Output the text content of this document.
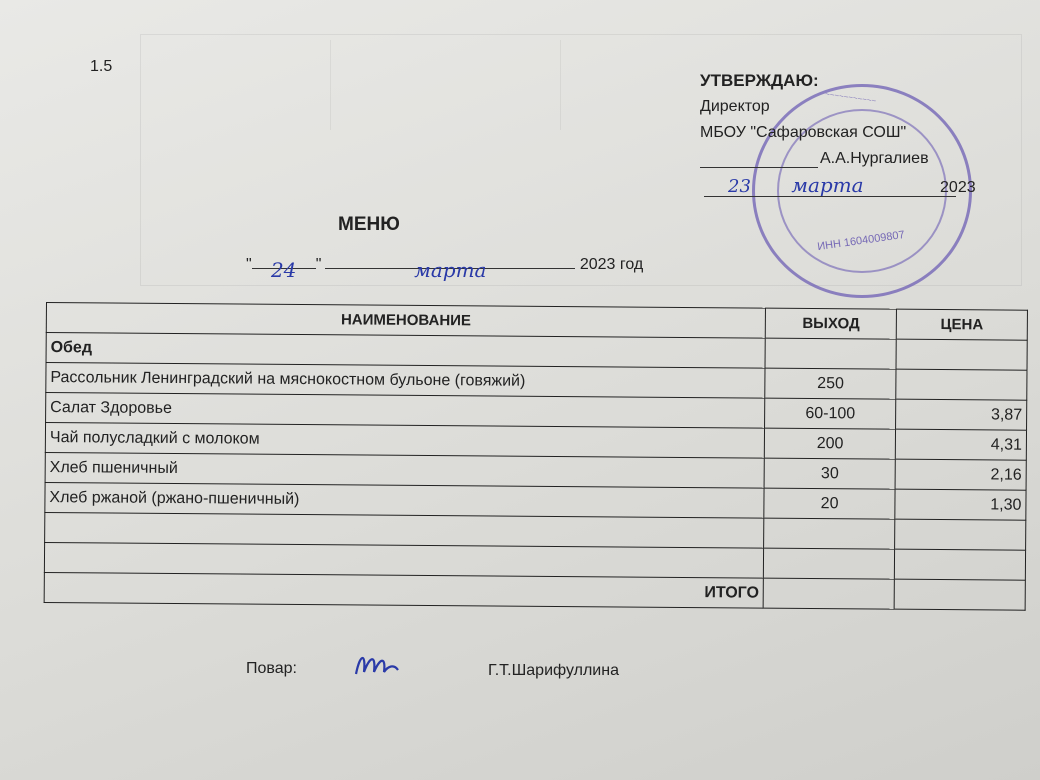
1.5
~~~~~~~~~~~
ИНН 1604009807
УТВЕРЖДАЮ:
Директор
МБОУ "Сафаровская СОШ"
А.А.Нургалиев
23 марта	2023
МЕНЮ
" 24 "	марта	2023 год
НАИМЕНОВАНИЕ	ВЫХОД	ЦЕНА
Обед		
Рассольник Ленинградский на мяснокостном бульоне (говяжий)	250	
Салат Здоровье	60-100	3,87
Чай полусладкий с молоком	200	4,31
Хлеб пшеничный	30	2,16
Хлеб ржаной (ржано-пшеничный)	20	1,30

ИТОГО		
Повар:	Г.Т.Шарифуллина
